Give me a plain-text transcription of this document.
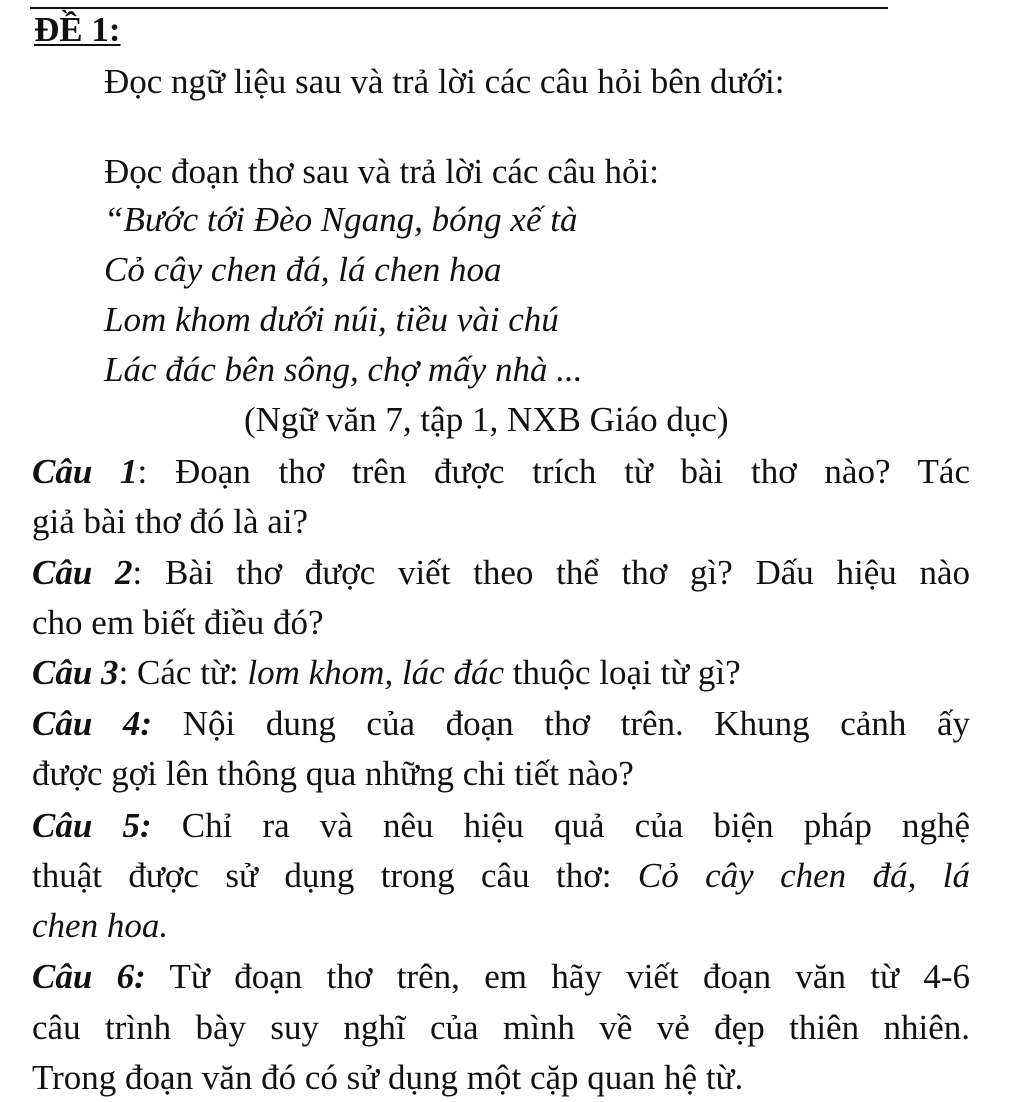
ĐỀ 1:
Đọc ngữ liệu sau và trả lời các câu hỏi bên dưới:
Đọc đoạn thơ sau và trả lời các câu hỏi:
“Bước tới Đèo Ngang, bóng xế tà
Cỏ cây chen đá, lá chen hoa
Lom khom dưới núi, tiều vài chú
Lác đác bên sông, chợ mấy nhà ...
(Ngữ văn 7, tập 1, NXB Giáo dục)
Câu 1: Đoạn thơ trên được trích từ bài thơ nào? Tác
giả bài thơ đó là ai?
Câu 2: Bài thơ được viết theo thể thơ gì? Dấu hiệu nào
cho em biết điều đó?
Câu 3: Các từ: lom khom, lác đác thuộc loại từ gì?
Câu 4: Nội dung của đoạn thơ trên. Khung cảnh ấy
được gợi lên thông qua những chi tiết nào?
Câu 5: Chỉ ra và nêu hiệu quả của biện pháp nghệ
thuật được sử dụng trong câu thơ: Cỏ cây chen đá, lá
chen hoa.
Câu 6: Từ đoạn thơ trên, em hãy viết đoạn văn từ 4-6
câu trình bày suy nghĩ của mình về vẻ đẹp thiên nhiên.
Trong đoạn văn đó có sử dụng một cặp quan hệ từ.
